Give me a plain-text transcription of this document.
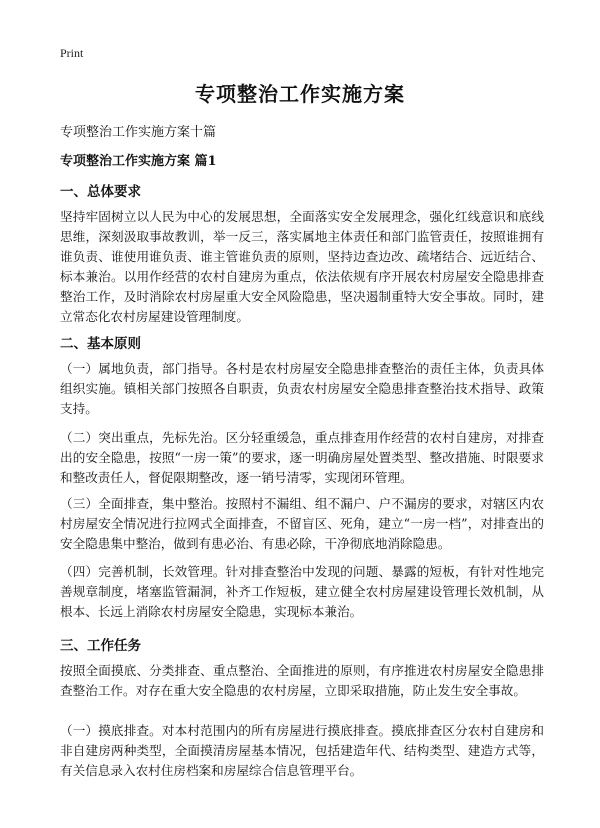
Print
专项整治工作实施方案
专项整治工作实施方案十篇
专项整治工作实施方案 篇1
一、总体要求

坚持牢固树立以人民为中心的发展思想，全面落实安全发展理念，强化红线意识和底线思维，深刻汲取事故教训，举一反三，落实属地主体责任和部门监管责任，按照谁拥有谁负责、谁使用谁负责、谁主管谁负责的原则，坚持边查边改、疏堵结合、远近结合、标本兼治。以用作经营的农村自建房为重点，依法依规有序开展农村房屋安全隐患排查整治工作，及时消除农村房屋重大安全风险隐患，坚决遏制重特大安全事故。同时，建立常态化农村房屋建设管理制度。

二、基本原则

（一）属地负责，部门指导。各村是农村房屋安全隐患排查整治的责任主体，负责具体组织实施。镇相关部门按照各自职责，负责农村房屋安全隐患排查整治技术指导、政策支持。

（二）突出重点，先标先治。区分轻重缓急，重点排查用作经营的农村自建房，对排查出的安全隐患，按照“一房一策”的要求，逐一明确房屋处置类型、整改措施、时限要求和整改责任人，督促限期整改，逐一销号清零，实现闭环管理。

（三）全面排查，集中整治。按照村不漏组、组不漏户、户不漏房的要求，对辖区内农村房屋安全情况进行拉网式全面排查，不留盲区、死角，建立“一房一档”，对排查出的安全隐患集中整治，做到有患必治、有患必除，干净彻底地消除隐患。

（四）完善机制，长效管理。针对排查整治中发现的问题、暴露的短板，有针对性地完善规章制度，堵塞监管漏洞，补齐工作短板，建立健全农村房屋建设管理长效机制，从根本、长远上消除农村房屋安全隐患，实现标本兼治。

三、工作任务

按照全面摸底、分类排查、重点整治、全面推进的原则，有序推进农村房屋安全隐患排查整治工作。对存在重大安全隐患的农村房屋，立即采取措施，防止发生安全事故。

（一）摸底排查。对本村范围内的所有房屋进行摸底排查。摸底排查区分农村自建房和非自建房两种类型，全面摸清房屋基本情况，包括建造年代、结构类型、建造方式等，有关信息录入农村住房档案和房屋综合信息管理平台。
